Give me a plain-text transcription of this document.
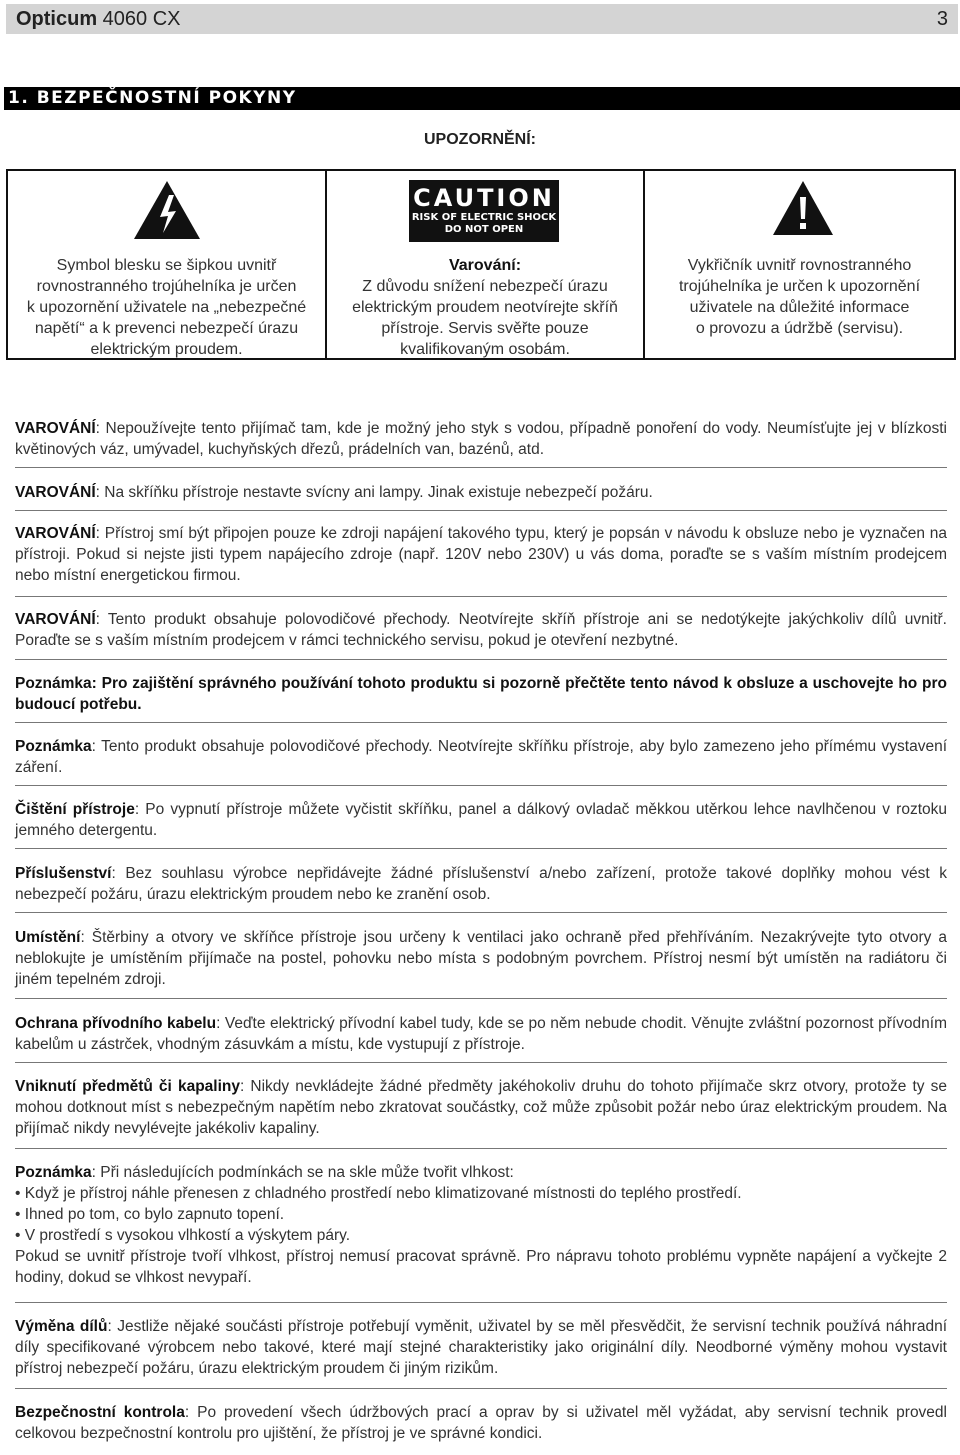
Opticum 4060 CX	3
1. BEZPEČNOSTNÍ POKYNY
UPOZORNĚNÍ:
Symbol blesku se šipkou uvnitř
rovnostranného trojúhelníka je určen
k upozornění uživatele na „nebezpečné
napětí“ a k prevenci nebezpečí úrazu
elektrickým proudem.
CAUTION
RISK OF ELECTRIC SHOCK
DO NOT OPEN
Varování:
Z důvodu snížení nebezpečí úrazu
elektrickým proudem neotvírejte skříň
přístroje. Servis svěřte pouze
kvalifikovaným osobám.
Vykřičník uvnitř rovnostranného
trojúhelníka je určen k upozornění
uživatele na důležité informace
o provozu a údržbě (servisu).
VAROVÁNÍ: Nepoužívejte tento přijímač tam, kde je možný jeho styk s vodou, případně ponoření do vody. Neumísťujte jej v blízkosti květinových váz, umývadel, kuchyňských dřezů, prádelních van, bazénů, atd.
VAROVÁNÍ: Na skříňku přístroje nestavte svícny ani lampy. Jinak existuje nebezpečí požáru.
VAROVÁNÍ: Přístroj smí být připojen pouze ke zdroji napájení takového typu, který je popsán v návodu k obsluze nebo je vyznačen na přístroji. Pokud si nejste jisti typem napájecího zdroje (např. 120V nebo 230V) u vás doma, poraďte se s vaším místním prodejcem nebo místní energetickou firmou.
VAROVÁNÍ: Tento produkt obsahuje polovodičové přechody. Neotvírejte skříň přístroje ani se nedotýkejte jakýchkoliv dílů uvnitř. Poraďte se s vaším místním prodejcem v rámci technického servisu, pokud je otevření nezbytné.
Poznámka: Pro zajištění správného používání tohoto produktu si pozorně přečtěte tento návod k obsluze a uschovejte ho pro budoucí potřebu.
Poznámka: Tento produkt obsahuje polovodičové přechody. Neotvírejte skříňku přístroje, aby bylo zamezeno jeho přímému vystavení záření.
Čištění přístroje: Po vypnutí přístroje můžete vyčistit skříňku, panel a dálkový ovladač měkkou utěrkou lehce navlhčenou v roztoku jemného detergentu.
Příslušenství: Bez souhlasu výrobce nepřidávejte žádné příslušenství a/nebo zařízení, protože takové doplňky mohou vést k nebezpečí požáru, úrazu elektrickým proudem nebo ke zranění osob.
Umístění: Štěrbiny a otvory ve skříňce přístroje jsou určeny k ventilaci jako ochraně před přehříváním. Nezakrývejte tyto otvory a neblokujte je umístěním přijímače na postel, pohovku nebo místa s podobným povrchem. Přístroj nesmí být umístěn na radiátoru či jiném tepelném zdroji.
Ochrana přívodního kabelu: Veďte elektrický přívodní kabel tudy, kde se po něm nebude chodit. Věnujte zvláštní pozornost přívodním kabelům u zástrček, vhodným zásuvkám a místu, kde vystupují z přístroje.
Vniknutí předmětů či kapaliny: Nikdy nevkládejte žádné předměty jakéhokoliv druhu do tohoto přijímače skrz otvory, protože ty se mohou dotknout míst s nebezpečným napětím nebo zkratovat součástky, což může způsobit požár nebo úraz elektrickým proudem. Na přijímač nikdy nevylévejte jakékoliv kapaliny.
Poznámka: Při následujících podmínkách se na skle může tvořit vlhkost:
• Když je přístroj náhle přenesen z chladného prostředí nebo klimatizované místnosti do teplého prostředí.
• Ihned po tom, co bylo zapnuto topení.
• V prostředí s vysokou vlhkostí a výskytem páry.
Pokud se uvnitř přístroje tvoří vlhkost, přístroj nemusí pracovat správně. Pro nápravu tohoto problému vypněte napájení a vyčkejte 2 hodiny, dokud se vlhkost nevypaří.
Výměna dílů: Jestliže nějaké součásti přístroje potřebují vyměnit, uživatel by se měl přesvědčit, že servisní technik používá náhradní díly specifikované výrobcem nebo takové, které mají stejné charakteristiky jako originální díly. Neodborné výměny mohou vystavit přístroj nebezpečí požáru, úrazu elektrickým proudem či jiným rizikům.
Bezpečnostní kontrola: Po provedení všech údržbových prací a oprav by si uživatel měl vyžádat, aby servisní technik provedl celkovou bezpečnostní kontrolu pro ujištění, že přístroj je ve správné kondici.
